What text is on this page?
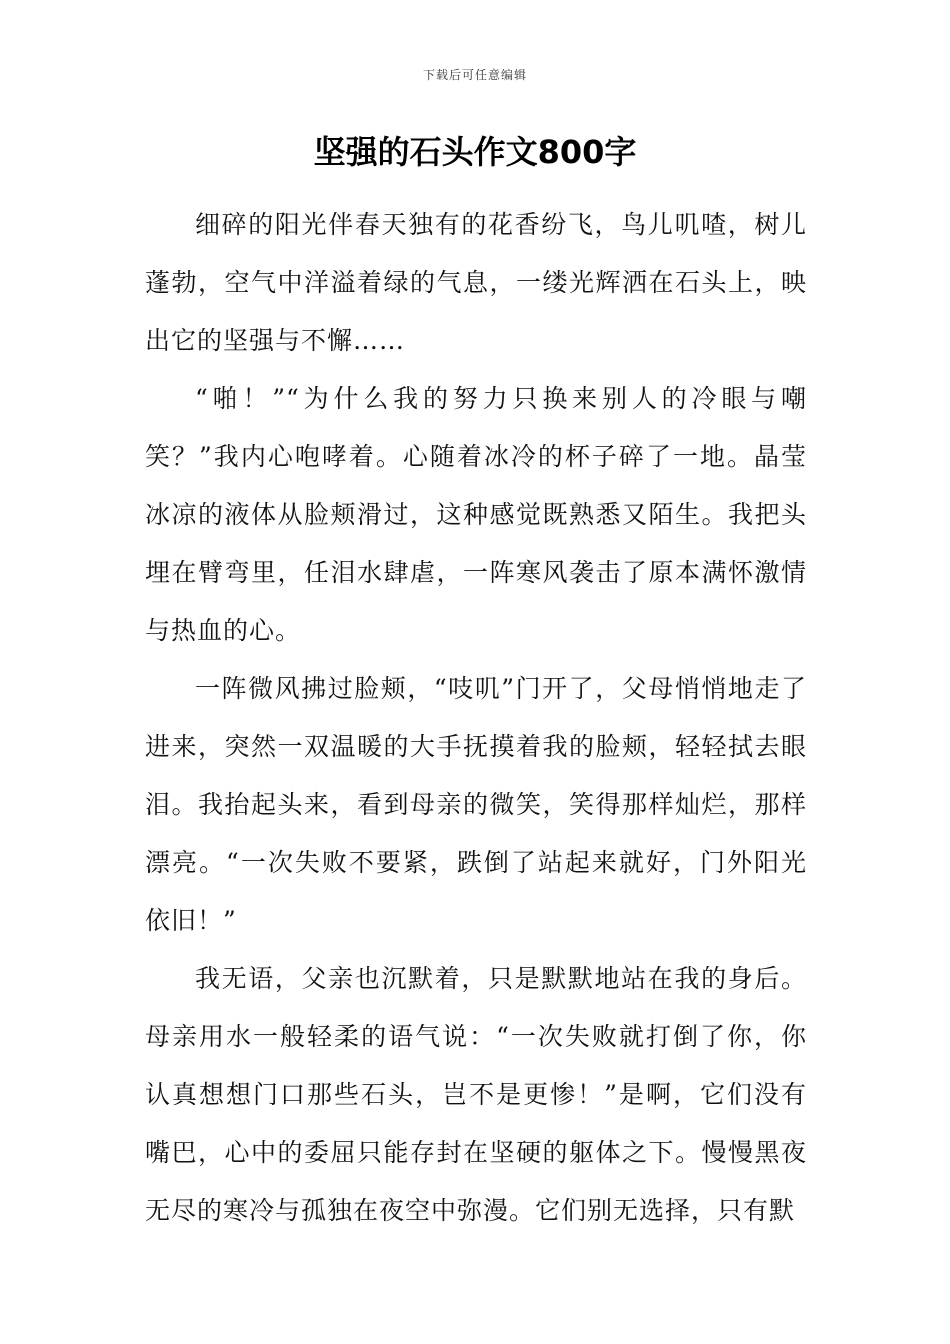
下载后可任意编辑
坚强的石头作文800字

细碎的阳光伴春天独有的花香纷飞，鸟儿叽喳，树儿蓬勃，空气中洋溢着绿的气息，一缕光辉洒在石头上，映出它的坚强与不懈……

“啪！”“为什么我的努力只换来别人的冷眼与嘲笑？”我内心咆哮着。心随着冰冷的杯子碎了一地。晶莹冰凉的液体从脸颊滑过，这种感觉既熟悉又陌生。我把头埋在臂弯里，任泪水肆虐，一阵寒风袭击了原本满怀激情与热血的心。

一阵微风拂过脸颊，“吱叽”门开了，父母悄悄地走了进来，突然一双温暖的大手抚摸着我的脸颊，轻轻拭去眼泪。我抬起头来，看到母亲的微笑，笑得那样灿烂，那样漂亮。“一次失败不要紧，跌倒了站起来就好，门外阳光依旧！”

我无语，父亲也沉默着，只是默默地站在我的身后。母亲用水一般轻柔的语气说：“一次失败就打倒了你，你认真想想门口那些石头，岂不是更惨！”是啊，它们没有嘴巴，心中的委屈只能存封在坚硬的躯体之下。慢慢黑夜无尽的寒冷与孤独在夜空中弥漫。它们别无选择，只有默
